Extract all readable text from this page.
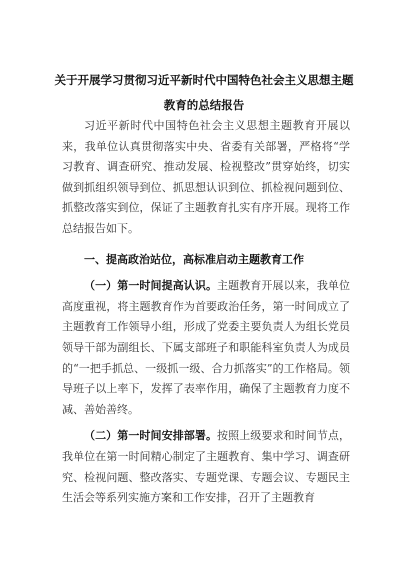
关于开展学习贯彻习近平新时代中国特色社会主义思想主题教育的总结报告

习近平新时代中国特色社会主义思想主题教育开展以来，我单位认真贯彻落实中央、省委有关部署，严格将“学习教育、调查研究、推动发展、检视整改”贯穿始终，切实做到抓组织领导到位、抓思想认识到位、抓检视问题到位、抓整改落实到位，保证了主题教育扎实有序开展。现将工作总结报告如下。

一、提高政治站位，高标准启动主题教育工作

（一）第一时间提高认识。主题教育开展以来，我单位高度重视，将主题教育作为首要政治任务，第一时间成立了主题教育工作领导小组，形成了党委主要负责人为组长党员领导干部为副组长、下属支部班子和职能科室负责人为成员的“一把手抓总、一级抓一级、合力抓落实”的工作格局。领导班子以上率下，发挥了表率作用，确保了主题教育力度不减、善始善终。

（二）第一时间安排部署。按照上级要求和时间节点，我单位在第一时间精心制定了主题教育、集中学习、调查研究、检视问题、整改落实、专题党课、专题会议、专题民主生活会等系列实施方案和工作安排，召开了主题教育
